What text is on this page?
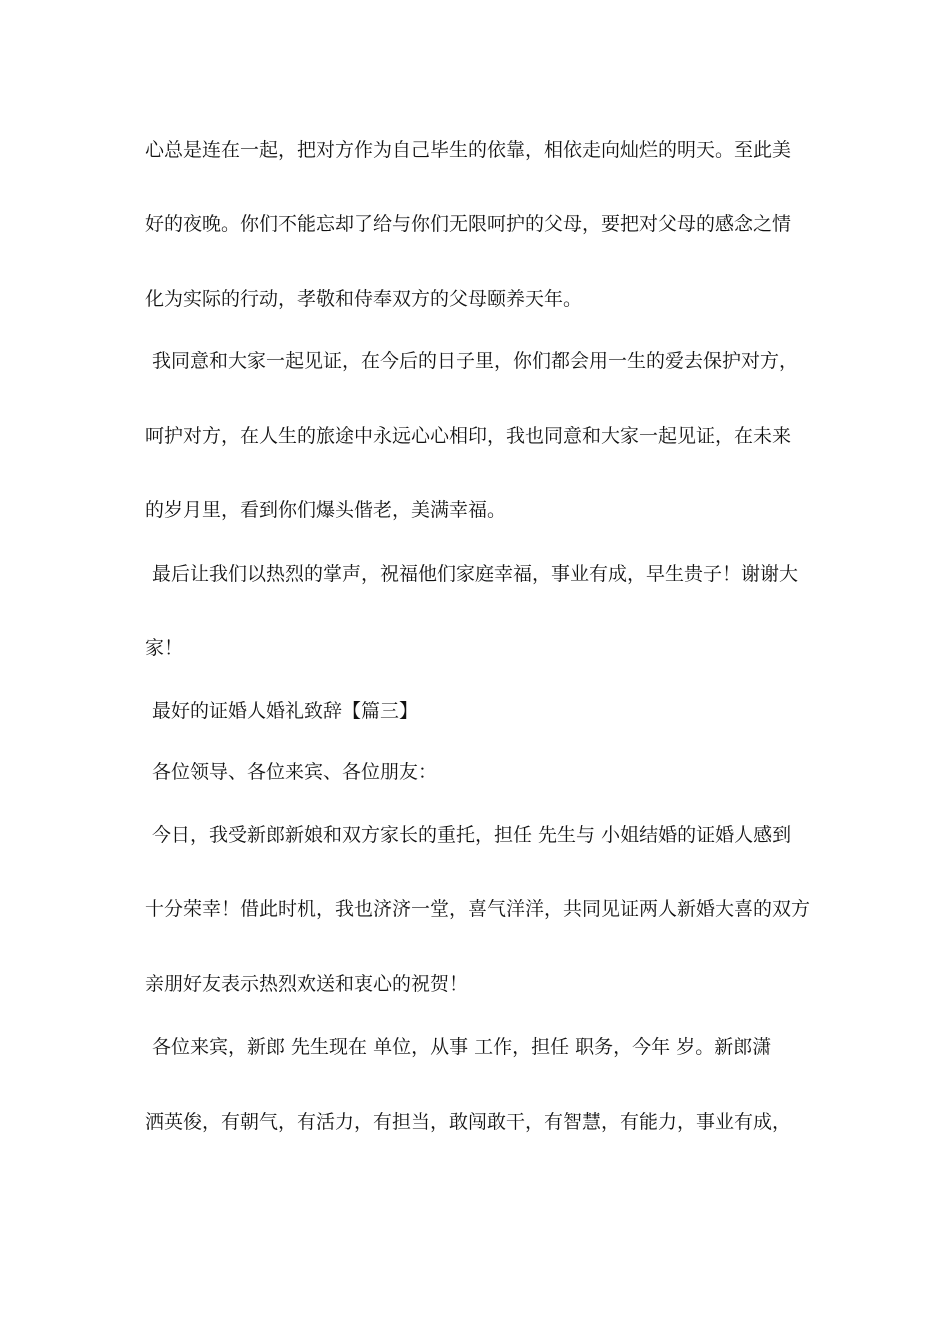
心总是连在一起，把对方作为自己毕生的依靠，相依走向灿烂的明天。至此美
好的夜晚。你们不能忘却了给与你们无限呵护的父母，要把对父母的感念之情
化为实际的行动，孝敬和侍奉双方的父母颐养天年。
我同意和大家一起见证，在今后的日子里，你们都会用一生的爱去保护对方，
呵护对方，在人生的旅途中永远心心相印，我也同意和大家一起见证，在未来
的岁月里，看到你们爆头偕老，美满幸福。
最后让我们以热烈的掌声，祝福他们家庭幸福，事业有成，早生贵子！谢谢大
家！
最好的证婚人婚礼致辞【篇三】
各位领导、各位来宾、各位朋友：
今日，我受新郎新娘和双方家长的重托，担任 先生与 小姐结婚的证婚人感到
十分荣幸！借此时机，我也济济一堂，喜气洋洋，共同见证两人新婚大喜的双方
亲朋好友表示热烈欢送和衷心的祝贺！
各位来宾，新郎 先生现在 单位，从事 工作，担任 职务，今年 岁。新郎潇
洒英俊，有朝气，有活力，有担当，敢闯敢干，有智慧，有能力，事业有成，
